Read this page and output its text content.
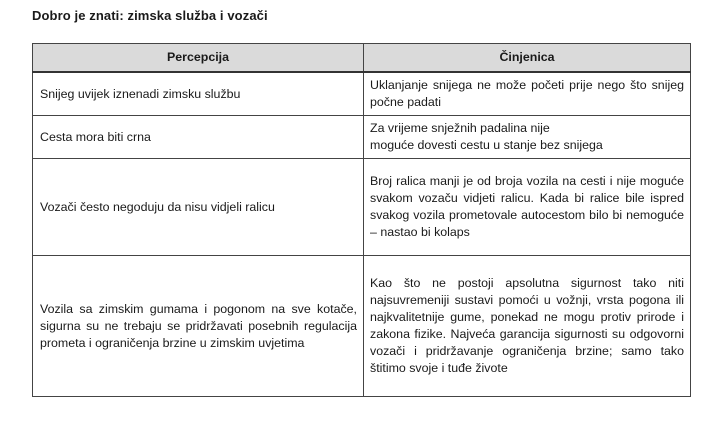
Dobro je znati: zimska služba i vozači
Percepcija	Činjenica
Snijeg uvijek iznenadi zimsku službu	Uklanjanje snijega ne može početi prije nego što snijeg počne padati
Cesta mora biti crna	Za vrijeme snježnih padalina nije
moguće dovesti cestu u stanje bez snijega

Vozači često negoduju da nisu vidjeli ralicu	Broj ralica manji je od broja vozila na cesti i nije moguće svakom vozaču vidjeti ralicu. Kada bi ralice bile ispred svakog vozila prometovale autocestom bilo bi nemoguće – nastao bi kolaps
Vozila sa zimskim gumama i pogonom na sve kotače, sigurna su ne trebaju se pridržavati posebnih regulacija prometa i ograničenja brzine u zimskim uvjetima	Kao što ne postoji apsolutna sigurnost tako niti najsuvremeniji sustavi pomoći u vožnji, vrsta pogona ili najkvalitetnije gume, ponekad ne mogu protiv prirode i zakona fizike. Najveća garancija sigurnosti su odgovorni vozači i pridržavanje ograničenja brzine; samo tako štitimo svoje i tuđe živote
